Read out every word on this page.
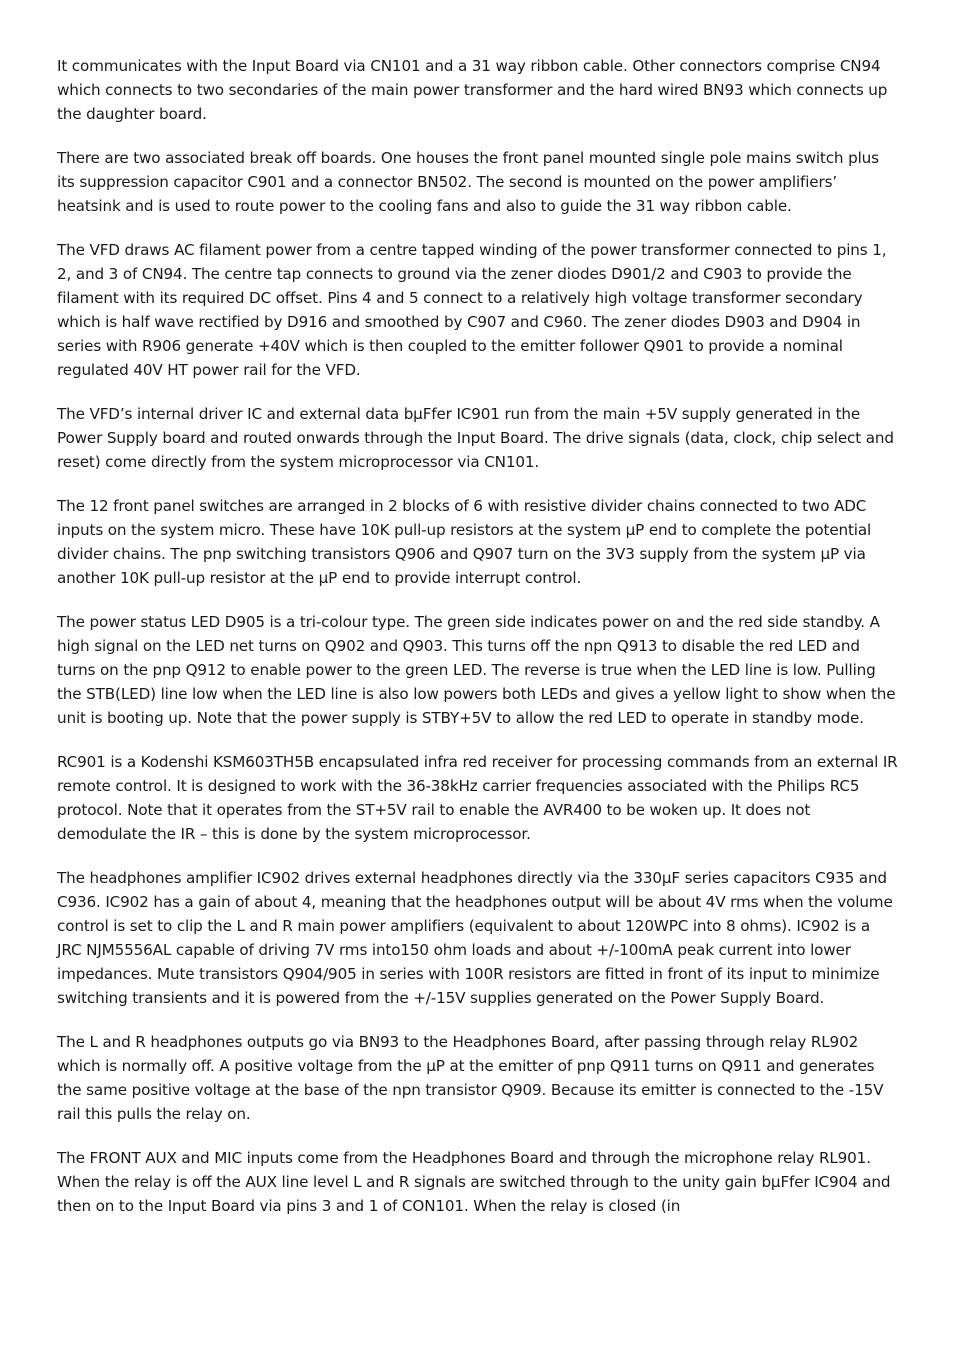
It communicates with the Input Board via CN101 and a 31 way ribbon cable. Other connectors comprise CN94 which connects to two secondaries of the main power transformer and the hard wired BN93 which connects up the daughter board.

There are two associated break off boards. One houses the front panel mounted single pole mains switch plus its suppression capacitor C901 and a connector BN502. The second is mounted on the power amplifiers’ heatsink and is used to route power to the cooling fans and also to guide the 31 way ribbon cable.

The VFD draws AC filament power from a centre tapped winding of the power transformer connected to pins 1, 2, and 3 of CN94. The centre tap connects to ground via the zener diodes D901/2 and C903 to provide the filament with its required DC offset. Pins 4 and 5 connect to a relatively high voltage transformer secondary which is half wave rectified by D916 and smoothed by C907 and C960. The zener diodes D903 and D904 in series with R906 generate +40V which is then coupled to the emitter follower Q901 to provide a nominal regulated 40V HT power rail for the VFD.

The VFD’s internal driver IC and external data bµFfer IC901 run from the main +5V supply generated in the Power Supply board and routed onwards through the Input Board. The drive signals (data, clock, chip select and reset) come directly from the system microprocessor via CN101.

The 12 front panel switches are arranged in 2 blocks of 6 with resistive divider chains connected to two ADC inputs on the system micro. These have 10K pull-up resistors at the system µP end to complete the potential divider chains. The pnp switching transistors Q906 and Q907 turn on the 3V3 supply from the system µP via another 10K pull-up resistor at the µP end to provide interrupt control.

The power status LED D905 is a tri-colour type. The green side indicates power on and the red side standby. A high signal on the LED net turns on Q902 and Q903. This turns off the npn Q913 to disable the red LED and turns on the pnp Q912 to enable power to the green LED. The reverse is true when the LED line is low. Pulling the STB(LED) line low when the LED line is also low powers both LEDs and gives a yellow light to show when the unit is booting up. Note that the power supply is STBY+5V to allow the red LED to operate in standby mode.

RC901 is a Kodenshi KSM603TH5B encapsulated infra red receiver for processing commands from an external IR remote control. It is designed to work with the 36-38kHz carrier frequencies associated with the Philips RC5 protocol. Note that it operates from the ST+5V rail to enable the AVR400 to be woken up. It does not demodulate the IR – this is done by the system microprocessor.

The headphones amplifier IC902 drives external headphones directly via the 330µF series capacitors C935 and C936. IC902 has a gain of about 4, meaning that the headphones output will be about 4V rms when the volume control is set to clip the L and R main power amplifiers (equivalent to about 120WPC into 8 ohms). IC902 is a JRC NJM5556AL capable of driving 7V rms into150 ohm loads and about +/-100mA peak current into lower impedances. Mute transistors Q904/905 in series with 100R resistors are fitted in front of its input to minimize switching transients and it is powered from the +/-15V supplies generated on the Power Supply Board.

The L and R headphones outputs go via BN93 to the Headphones Board, after passing through relay RL902 which is normally off. A positive voltage from the µP at the emitter of pnp Q911 turns on Q911 and generates the same positive voltage at the base of the npn transistor Q909. Because its emitter is connected to the -15V rail this pulls the relay on.

The FRONT AUX and MIC inputs come from the Headphones Board and through the microphone relay RL901. When the relay is off the AUX line level L and R signals are switched through to the unity gain bµFfer IC904 and then on to the Input Board via pins 3 and 1 of CON101. When the relay is closed (in
